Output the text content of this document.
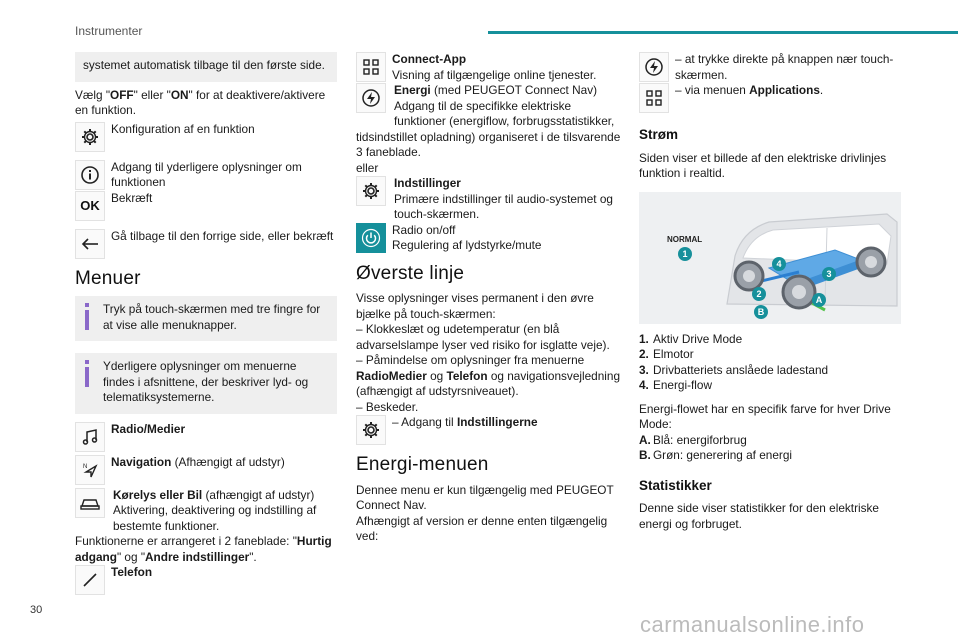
Instrumenter
systemet automatisk tilbage til den første side.
Vælg "OFF" eller "ON" for at deaktivere/aktivere en funktion.
Konfiguration af en funktion
Adgang til yderligere oplysninger om funktionen
OK
Bekræft
Gå tilbage til den forrige side, eller bekræft
Menuer
Tryk på touch-skærmen med tre fingre for at vise alle menuknapper.
Yderligere oplysninger om menuerne findes i afsnittene, der beskriver lyd- og telematiksystemerne.
Radio/Medier
N Navigation (Afhængigt af udstyr)
Kørelys eller Bil (afhængigt af udstyr) Aktivering, deaktivering og indstilling af bestemte funktioner.
Funktionerne er arrangeret i 2 faneblade: "Hurtig adgang" og "Andre indstillinger".
Telefon
Connect-App
Visning af tilgængelige online tjenester.
Energi (med PEUGEOT Connect Nav) Adgang til de specifikke elektriske funktioner (energiflow, forbrugsstatistikker, tidsindstillet opladning) organiseret i de tilsvarende 3 faneblade.
eller
Indstillinger
Primære indstillinger til audio-systemet og touch-skærmen.
Radio on/off
Regulering af lydstyrke/mute
Øverste linje
Visse oplysninger vises permanent i den øvre bjælke på touch-skærmen:
– Klokkeslæt og udetemperatur (en blå advarselslampe lyser ved risiko for isglatte veje).
– Påmindelse om oplysninger fra menuerne RadioMedier og Telefon og navigationsvejledning (afhængigt af udstyrsniveauet).
– Beskeder.
– Adgang til Indstillingerne
Energi-menuen
Dennee menu er kun tilgængelig med PEUGEOT Connect Nav.
Afhængigt af version er denne enten tilgængelig ved:
– at trykke direkte på knappen nær touch-skærmen.
– via menuen Applications.
Strøm
Siden viser et billede af den elektriske drivlinjes funktion i realtid.
NORMAL
1
2
3
4
A
B
1. Aktiv Drive Mode
2. Elmotor
3. Drivbatteriets anslåede ladestand
4. Energi-flow
Energi-flowet har en specifik farve for hver Drive Mode:
A. Blå: energiforbrug
B. Grøn: generering af energi
Statistikker
Denne side viser statistikker for den elektriske energi og forbruget.
30
carmanualsonline.info
